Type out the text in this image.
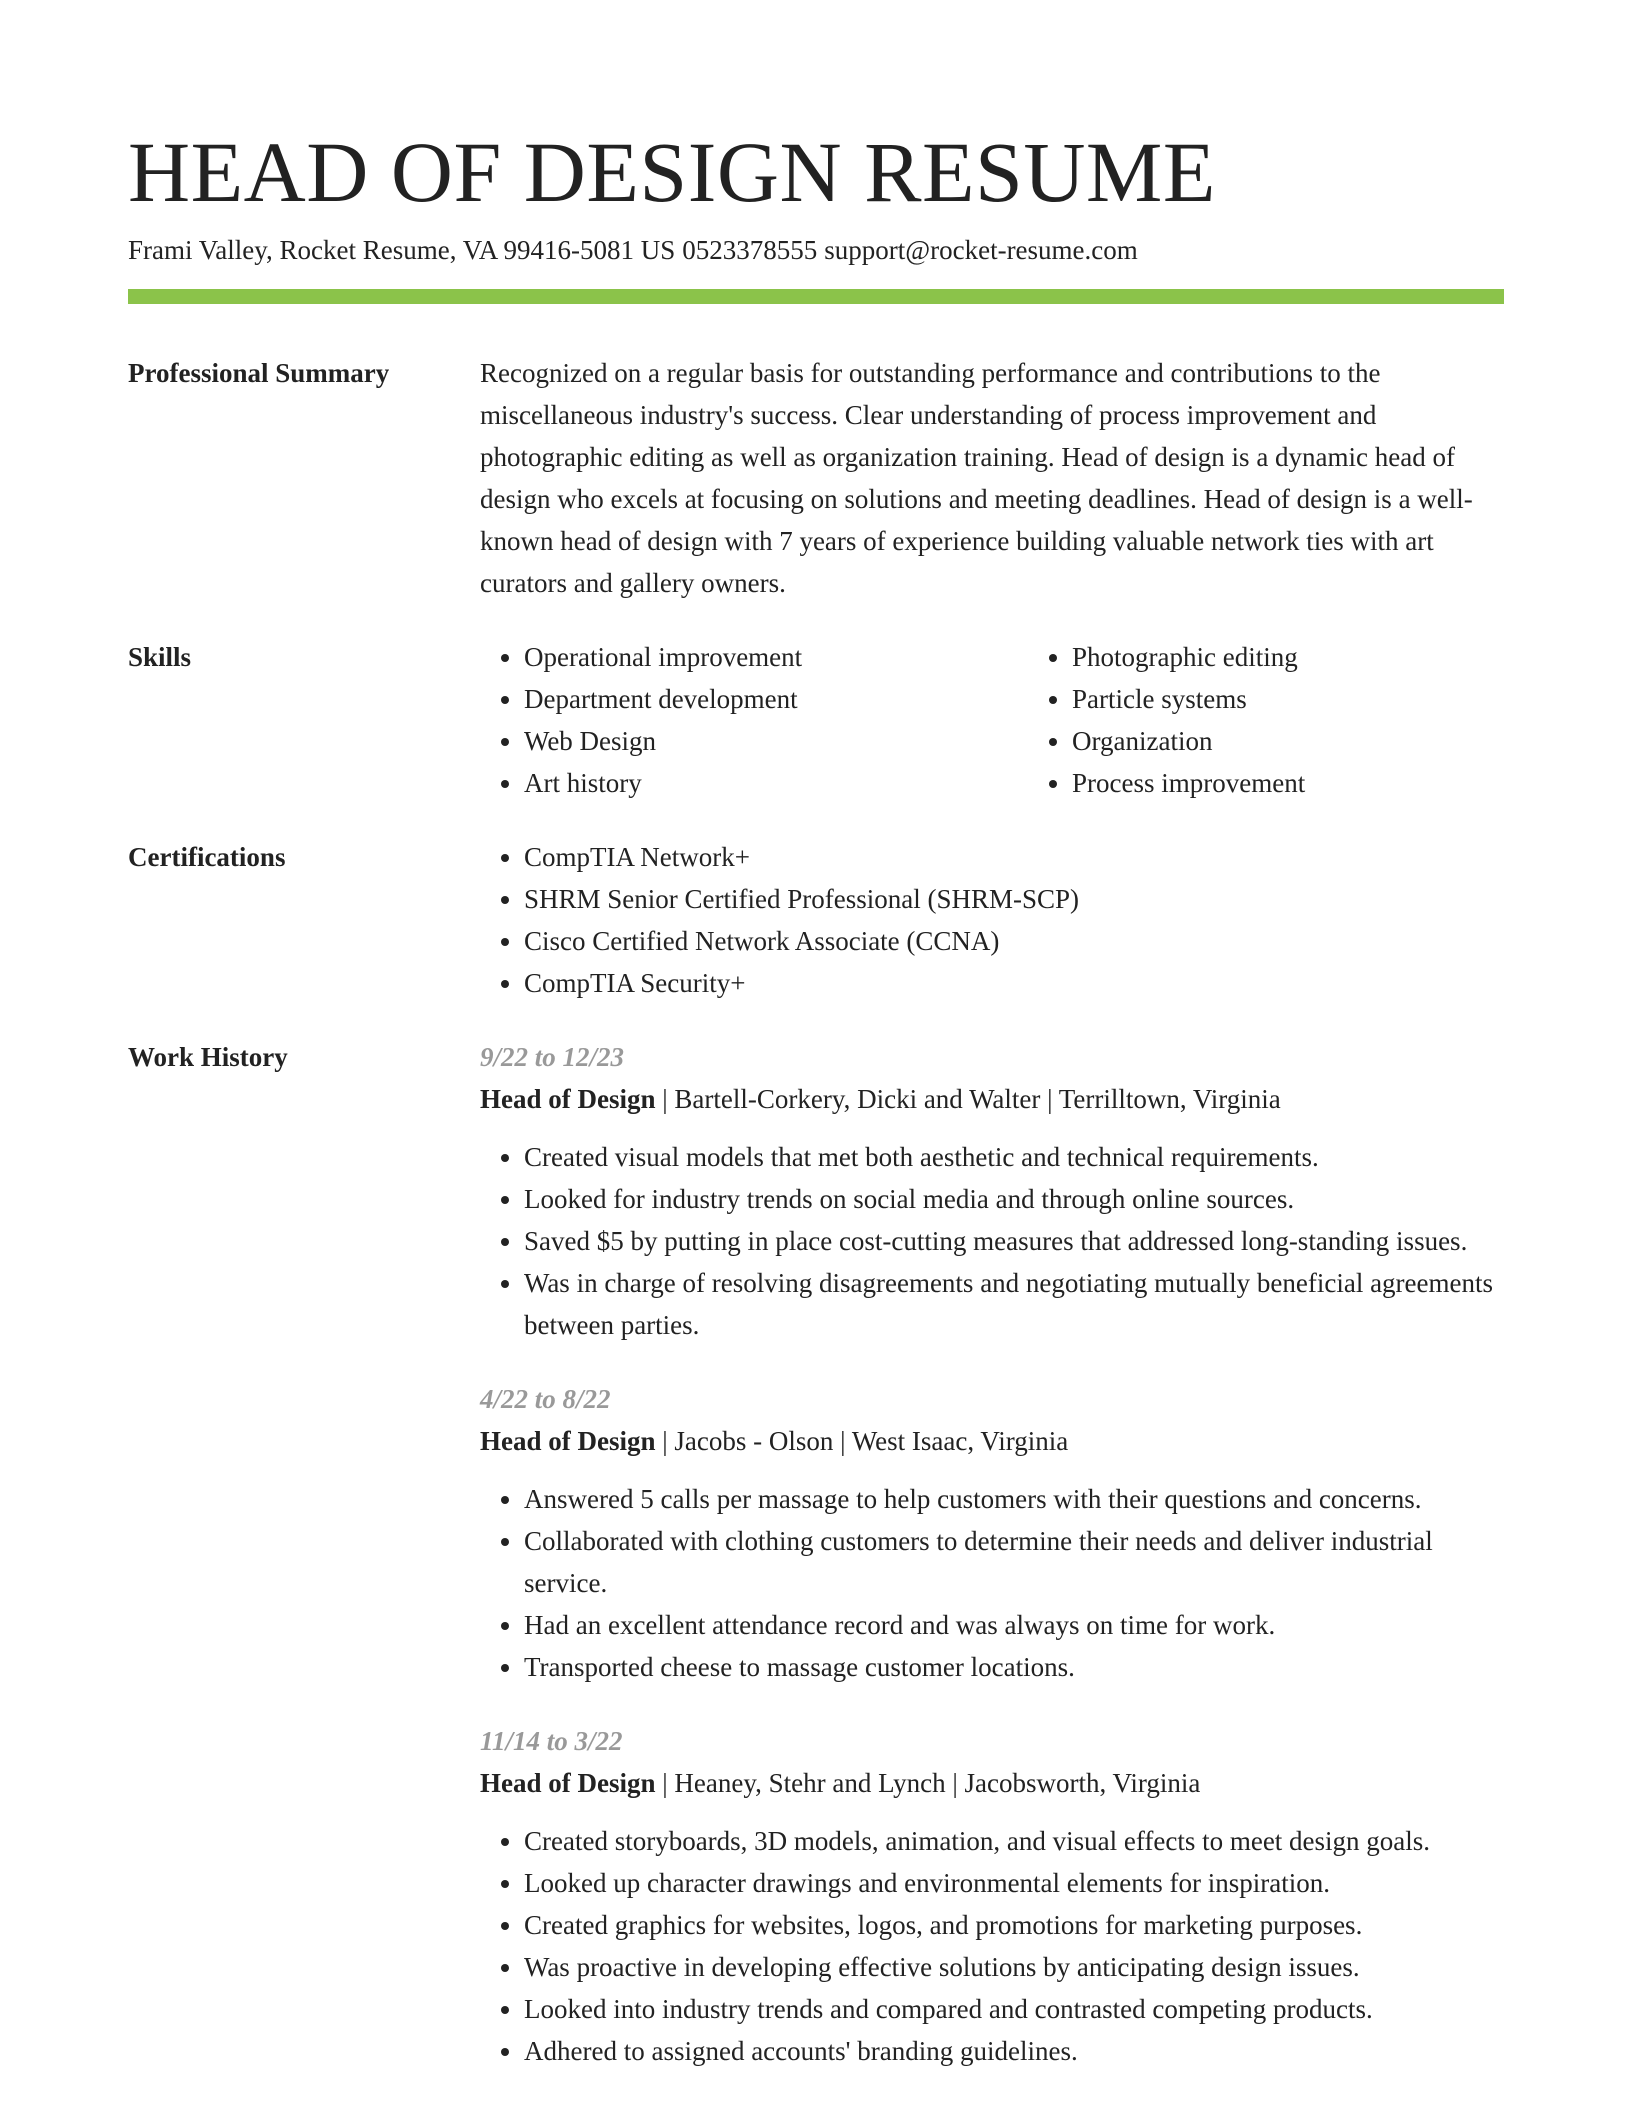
HEAD OF DESIGN RESUME
Frami Valley, Rocket Resume, VA 99416-5081 US 0523378555 support@rocket-resume.com
Professional Summary	Recognized on a regular basis for outstanding performance and contributions to the miscellaneous industry's success. Clear understanding of process improvement and photographic editing as well as organization training. Head of design is a dynamic head of design who excels at focusing on solutions and meeting deadlines. Head of design is a well-known head of design with 7 years of experience building valuable network ties with art curators and gallery owners.
Skills	• Operational improvement
• Department development
• Web Design
• Art history
• Photographic editing
• Particle systems
• Organization
• Process improvement
Certifications	• CompTIA Network+
• SHRM Senior Certified Professional (SHRM-SCP)
• Cisco Certified Network Associate (CCNA)
• CompTIA Security+
Work History	9/22 to 12/23
Head of Design | Bartell-Corkery, Dicki and Walter | Terrilltown, Virginia
• Created visual models that met both aesthetic and technical requirements.
• Looked for industry trends on social media and through online sources.
• Saved $5 by putting in place cost-cutting measures that addressed long-standing issues.
• Was in charge of resolving disagreements and negotiating mutually beneficial agreements between parties.
4/22 to 8/22
Head of Design | Jacobs - Olson | West Isaac, Virginia
• Answered 5 calls per massage to help customers with their questions and concerns.
• Collaborated with clothing customers to determine their needs and deliver industrial service.
• Had an excellent attendance record and was always on time for work.
• Transported cheese to massage customer locations.
11/14 to 3/22
Head of Design | Heaney, Stehr and Lynch | Jacobsworth, Virginia
• Created storyboards, 3D models, animation, and visual effects to meet design goals.
• Looked up character drawings and environmental elements for inspiration.
• Created graphics for websites, logos, and promotions for marketing purposes.
• Was proactive in developing effective solutions by anticipating design issues.
• Looked into industry trends and compared and contrasted competing products.
• Adhered to assigned accounts' branding guidelines.
